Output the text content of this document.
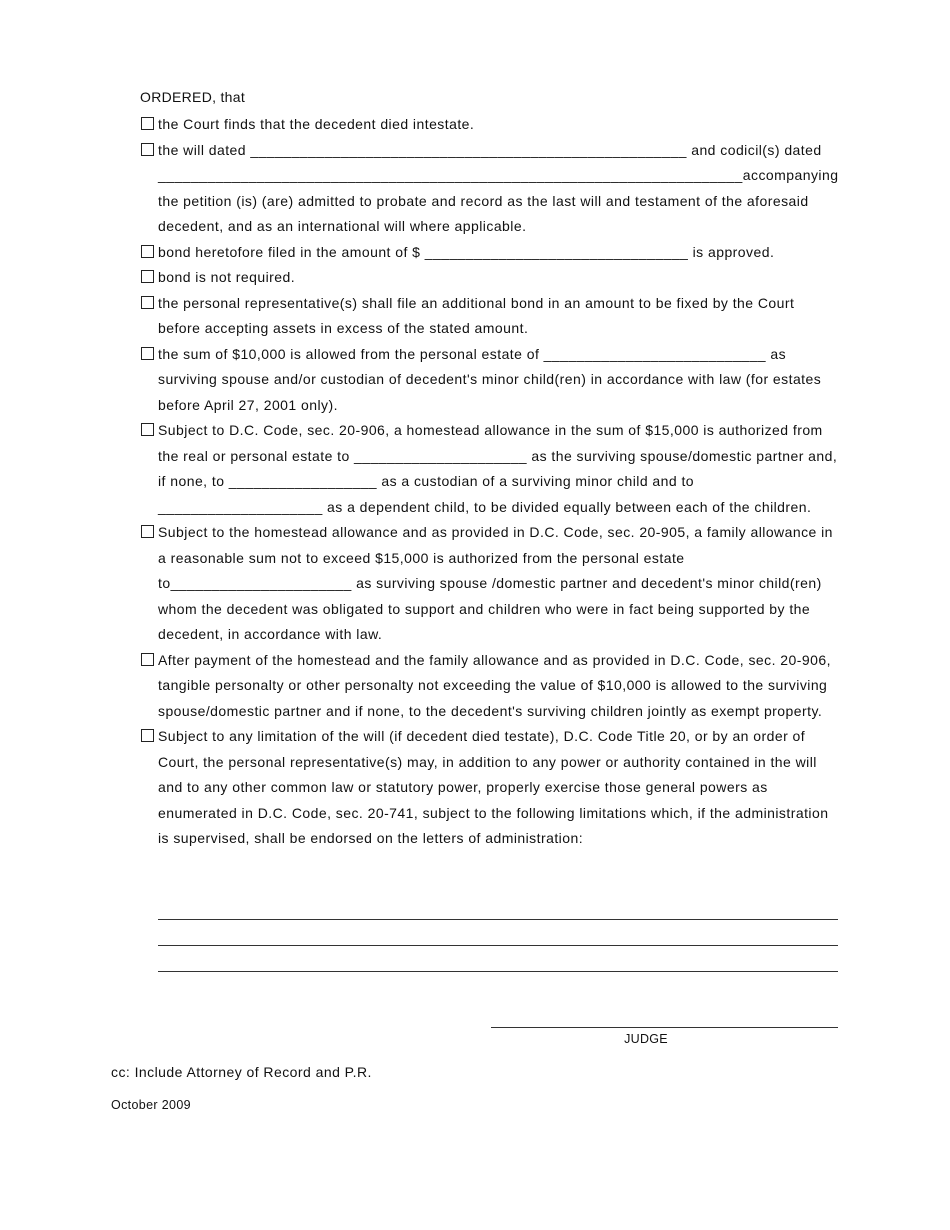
ORDERED, that
the Court finds that the decedent died intestate.
the will dated _____________________________________________________ and codicil(s) dated _______________________________________________________________________accompanying the petition (is) (are) admitted to probate and record as the last will and testament of the aforesaid decedent, and as an international will where applicable.
bond heretofore filed in the amount of $ ________________________________ is approved.
bond is not required.
the personal representative(s) shall file an additional bond in an amount to be fixed by the Court before accepting assets in excess of the stated amount.
the sum of $10,000 is allowed from the personal estate of ___________________________ as surviving spouse and/or custodian of decedent's minor child(ren) in accordance with law (for estates before April 27, 2001 only).
Subject to D.C. Code, sec. 20-906, a homestead allowance in the sum of $15,000 is authorized from the real or personal estate to _____________________ as the surviving spouse/domestic partner and, if none, to __________________ as a custodian of a surviving minor child and to ____________________ as a dependent child, to be divided equally between each of the children.
Subject to the homestead allowance and as provided in D.C. Code, sec. 20-905, a family allowance in a reasonable sum not to exceed $15,000 is authorized from the personal estate to______________________ as surviving spouse /domestic partner and decedent's minor child(ren) whom the decedent was obligated to support and children who were in fact being supported by the decedent, in accordance with law.
After payment of the homestead and the family allowance and as provided in D.C. Code, sec. 20-906, tangible personalty or other personalty not exceeding the value of $10,000 is allowed to the surviving spouse/domestic partner and if none, to the decedent's surviving children jointly as exempt property.
Subject to any limitation of the will (if decedent died testate), D.C. Code Title 20, or by an order of Court, the personal representative(s) may, in addition to any power or authority contained in the will and to any other common law or statutory power, properly exercise those general powers as enumerated in D.C. Code, sec. 20-741, subject to the following limitations which, if the administration is supervised, shall be endorsed on the letters of administration:
JUDGE
cc: Include Attorney of Record and P.R.
October 2009
